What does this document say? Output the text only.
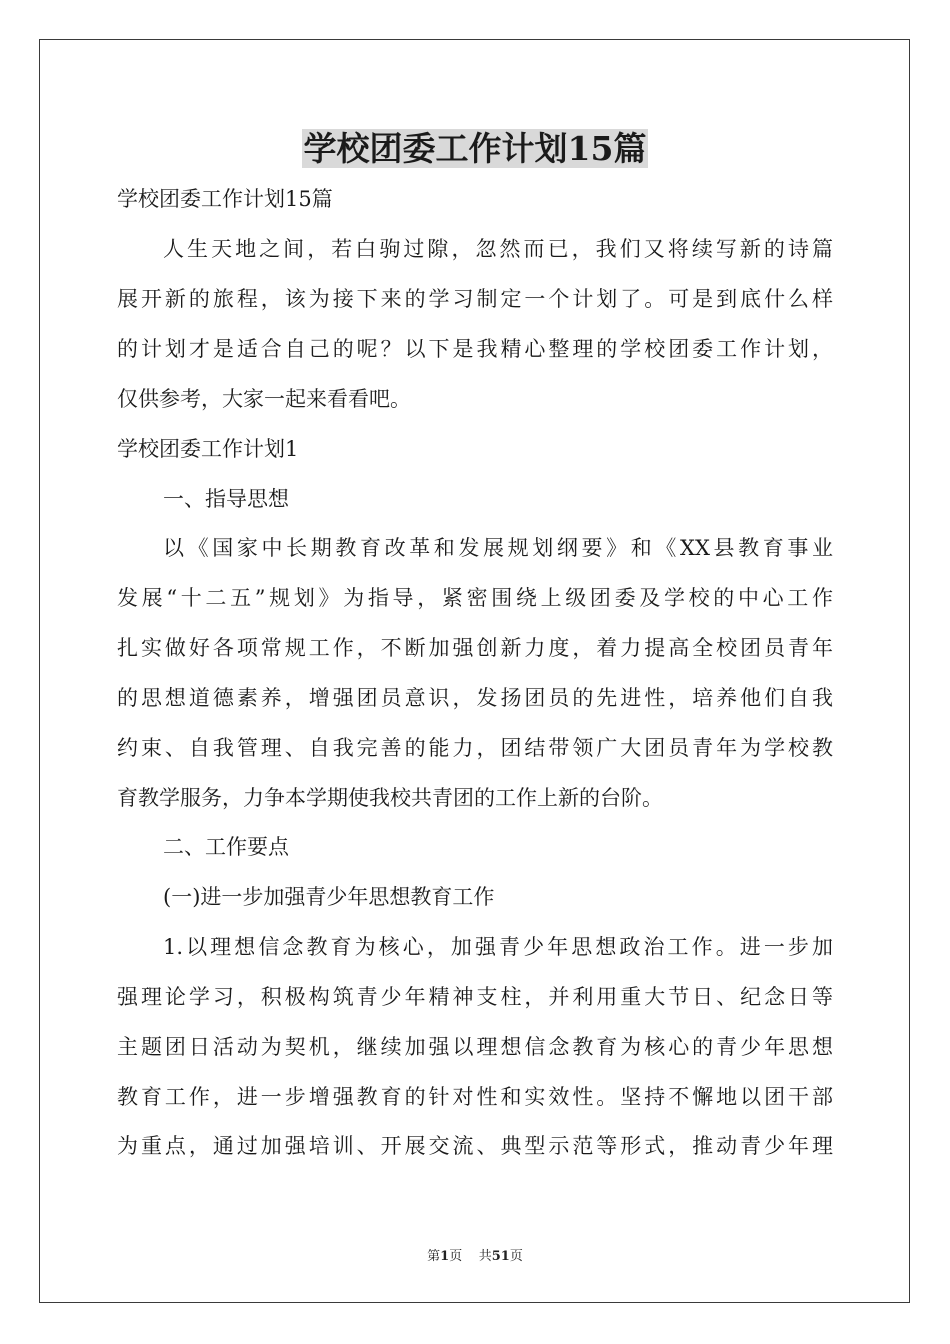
学校团委工作计划15篇
学校团委工作计划15篇
人生天地之间，若白驹过隙，忽然而已，我们又将续写新的诗篇
展开新的旅程，该为接下来的学习制定一个计划了。可是到底什么样
的计划才是适合自己的呢？以下是我精心整理的学校团委工作计划，
仅供参考，大家一起来看看吧。
学校团委工作计划1
一、指导思想
以《国家中长期教育改革和发展规划纲要》和《XX县教育事业
发展“十二五”规划》为指导，紧密围绕上级团委及学校的中心工作
扎实做好各项常规工作，不断加强创新力度，着力提高全校团员青年
的思想道德素养，增强团员意识，发扬团员的先进性，培养他们自我
约束、自我管理、自我完善的能力，团结带领广大团员青年为学校教
育教学服务，力争本学期使我校共青团的工作上新的台阶。
二、工作要点
(一)进一步加强青少年思想教育工作
1.以理想信念教育为核心，加强青少年思想政治工作。进一步加
强理论学习，积极构筑青少年精神支柱，并利用重大节日、纪念日等
主题团日活动为契机，继续加强以理想信念教育为核心的青少年思想
教育工作，进一步增强教育的针对性和实效性。坚持不懈地以团干部
为重点，通过加强培训、开展交流、典型示范等形式，推动青少年理
第1页 共51页
